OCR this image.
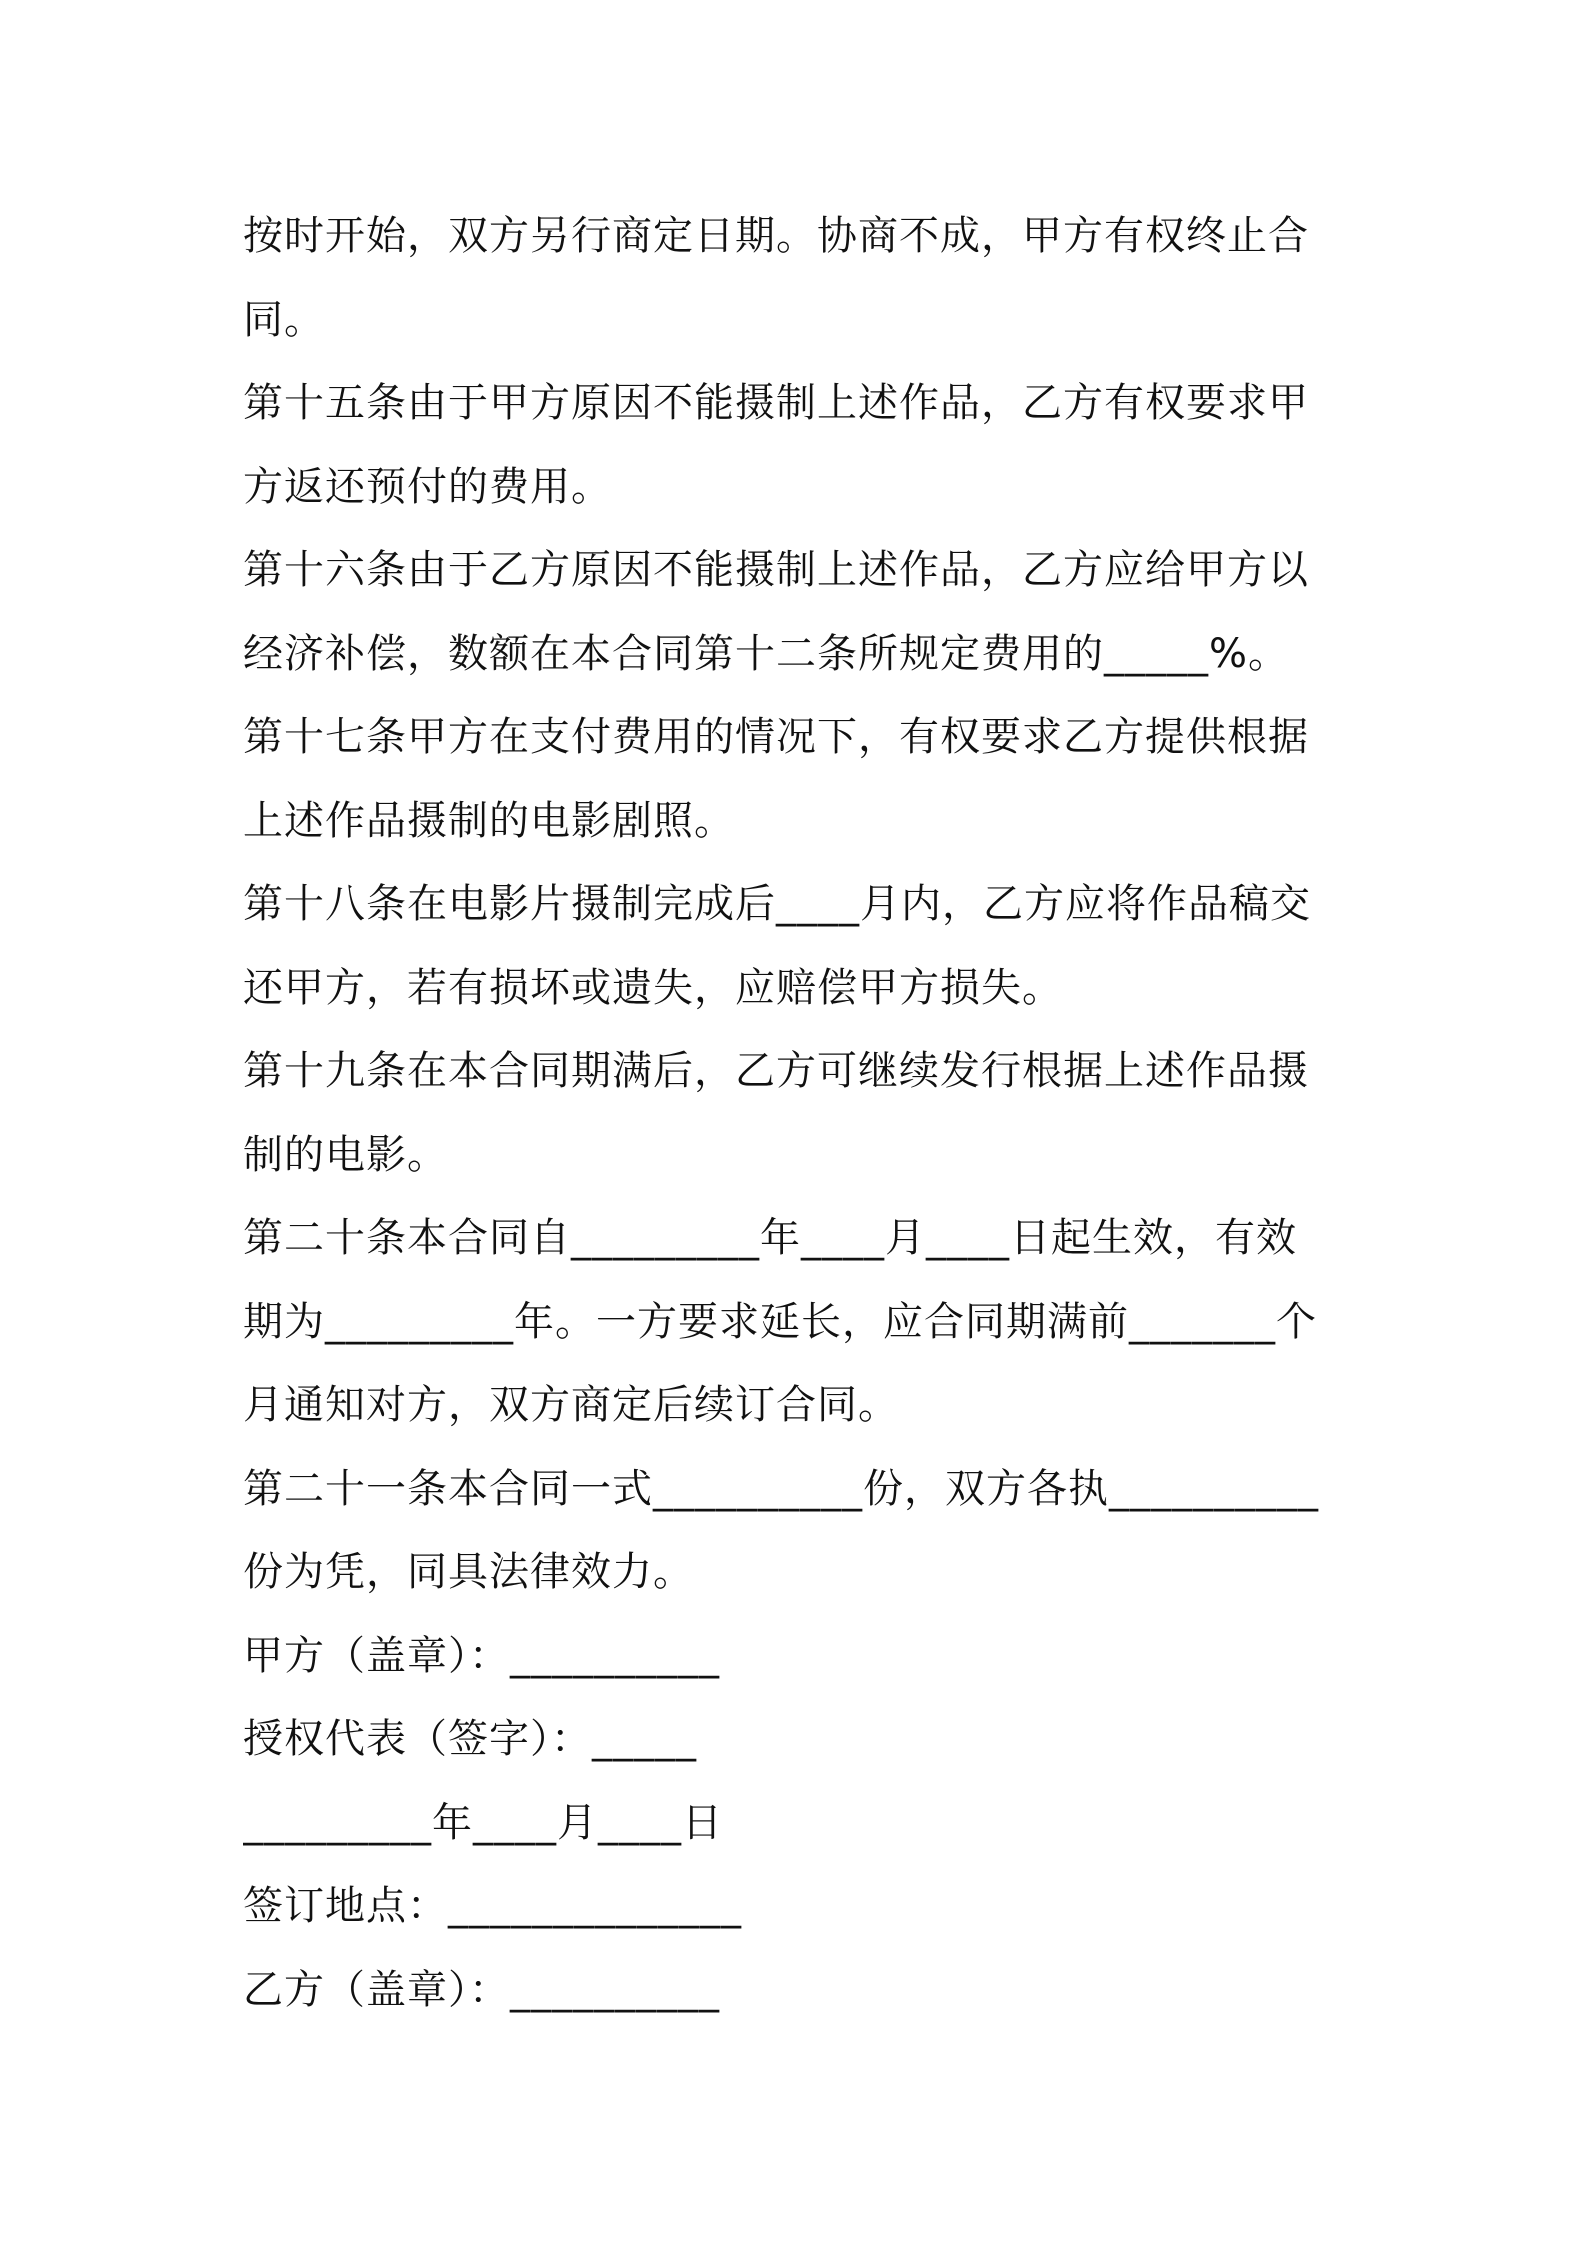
按时开始，双方另行商定日期。协商不成，甲方有权终止合
同。
第十五条由于甲方原因不能摄制上述作品，乙方有权要求甲
方返还预付的费用。
第十六条由于乙方原因不能摄制上述作品，乙方应给甲方以
经济补偿，数额在本合同第十二条所规定费用的_____%。
第十七条甲方在支付费用的情况下，有权要求乙方提供根据
上述作品摄制的电影剧照。
第十八条在电影片摄制完成后____月内，乙方应将作品稿交
还甲方，若有损坏或遗失，应赔偿甲方损失。
第十九条在本合同期满后，乙方可继续发行根据上述作品摄
制的电影。
第二十条本合同自_________年____月____日起生效，有效
期为_________年。一方要求延长，应合同期满前_______个
月通知对方，双方商定后续订合同。
第二十一条本合同一式__________份，双方各执__________
份为凭，同具法律效力。
甲方（盖章）：__________
授权代表（签字）：_____
_________年____月____日
签订地点：______________
乙方（盖章）：__________
